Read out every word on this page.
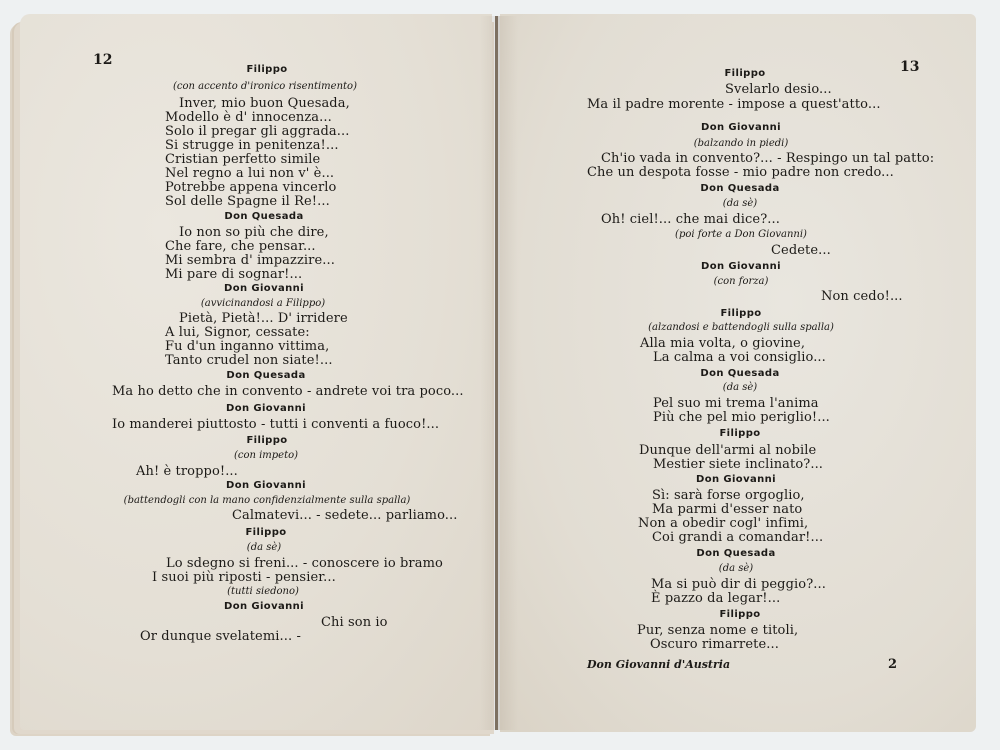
12	13
Filippo
(con accento d'ironico risentimento)
Inver, mio buon Quesada,
Modello è d' innocenza...
Solo il pregar gli aggrada...
Si strugge in penitenza!...
Cristian perfetto simile
Nel regno a lui non v' è...
Potrebbe appena vincerlo
Sol delle Spagne il Re!...
Don Quesada
Io non so più che dire,
Che fare, che pensar...
Mi sembra d' impazzire...
Mi pare di sognar!...
Don Giovanni
(avvicinandosi a Filippo)
Pietà, Pietà!... D' irridere
A lui, Signor, cessate:
Fu d'un inganno vittima,
Tanto crudel non siate!...
Don Quesada
Ma ho detto che in convento - andrete voi tra poco...
Don Giovanni
Io manderei piuttosto - tutti i conventi a fuoco!...
Filippo
(con impeto)
Ah! è troppo!...
Don Giovanni
(battendogli con la mano confidenzialmente sulla spalla)
Calmatevi... - sedete... parliamo...
Filippo
(da sè)
Lo sdegno si freni... - conoscere io bramo
I suoi più riposti - pensier...
(tutti siedono)
Don Giovanni
Chi son io
Or dunque svelatemi... -
Filippo
Svelarlo desio...
Ma il padre morente - impose a quest'atto...
Don Giovanni
(balzando in piedi)
Ch'io vada in convento?... - Respingo un tal patto:
Che un despota fosse - mio padre non credo...
Don Quesada
(da sè)
Oh! ciel!... che mai dice?...
(poi forte a Don Giovanni)
Cedete...
Don Giovanni
(con forza)
Non cedo!...
Filippo
(alzandosi e battendogli sulla spalla)
Alla mia volta, o giovine,
La calma a voi consiglio...
Don Quesada
(da sè)
Pel suo mi trema l'anima
Più che pel mio periglio!...
Filippo
Dunque dell'armi al nobile
Mestier siete inclinato?...
Don Giovanni
Sì: sarà forse orgoglio,
Ma parmi d'esser nato
Non a obedir cogl' infimi,
Coi grandi a comandar!...
Don Quesada
(da sè)
Ma si può dir di peggio?...
È pazzo da legar!...
Filippo
Pur, senza nome e titoli,
Oscuro rimarrete...
Don Giovanni d'Austria	2
